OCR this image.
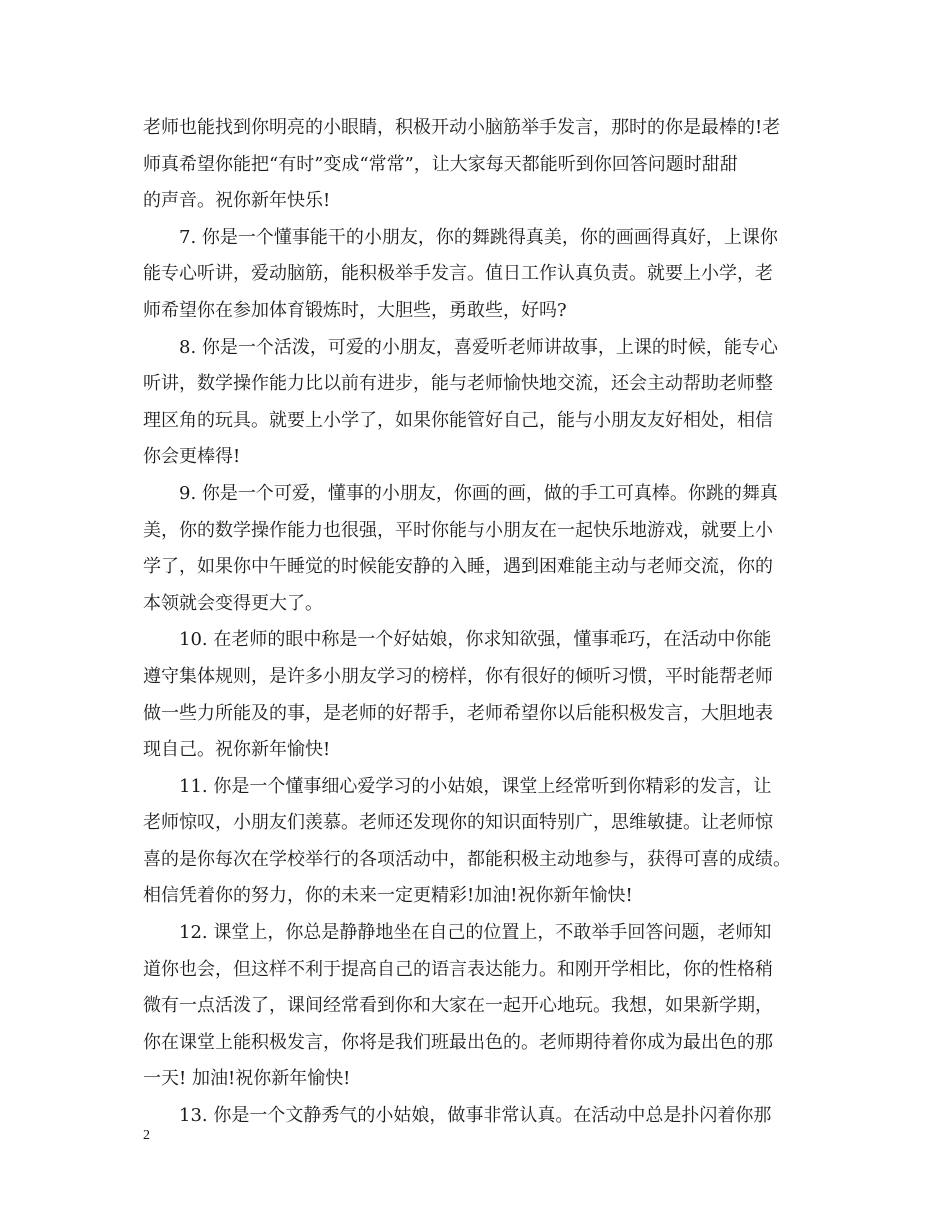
老师也能找到你明亮的小眼睛，积极开动小脑筋举手发言，那时的你是最棒的!老
师真希望你能把“有时”变成“常常”，让大家每天都能听到你回答问题时甜甜
的声音。祝你新年快乐!
7. 你是一个懂事能干的小朋友，你的舞跳得真美，你的画画得真好，上课你
能专心听讲，爱动脑筋，能积极举手发言。值日工作认真负责。就要上小学，老
师希望你在参加体育锻炼时，大胆些，勇敢些，好吗?
8. 你是一个活泼，可爱的小朋友，喜爱听老师讲故事，上课的时候，能专心
听讲，数学操作能力比以前有进步，能与老师愉快地交流，还会主动帮助老师整
理区角的玩具。就要上小学了，如果你能管好自己，能与小朋友友好相处，相信
你会更棒得!
9. 你是一个可爱，懂事的小朋友，你画的画，做的手工可真棒。你跳的舞真
美，你的数学操作能力也很强，平时你能与小朋友在一起快乐地游戏，就要上小
学了，如果你中午睡觉的时候能安静的入睡，遇到困难能主动与老师交流，你的
本领就会变得更大了。
10. 在老师的眼中称是一个好姑娘，你求知欲强，懂事乖巧，在活动中你能
遵守集体规则，是许多小朋友学习的榜样，你有很好的倾听习惯，平时能帮老师
做一些力所能及的事，是老师的好帮手，老师希望你以后能积极发言，大胆地表
现自己。祝你新年愉快!
11. 你是一个懂事细心爱学习的小姑娘，课堂上经常听到你精彩的发言，让
老师惊叹，小朋友们羡慕。老师还发现你的知识面特别广，思维敏捷。让老师惊
喜的是你每次在学校举行的各项活动中，都能积极主动地参与，获得可喜的成绩。
相信凭着你的努力，你的未来一定更精彩!加油!祝你新年愉快!
12. 课堂上，你总是静静地坐在自己的位置上，不敢举手回答问题，老师知
道你也会，但这样不利于提高自己的语言表达能力。和刚开学相比，你的性格稍
微有一点活泼了，课间经常看到你和大家在一起开心地玩。我想，如果新学期，
你在课堂上能积极发言，你将是我们班最出色的。老师期待着你成为最出色的那
一天! 加油!祝你新年愉快!
13. 你是一个文静秀气的小姑娘，做事非常认真。在活动中总是扑闪着你那
2
